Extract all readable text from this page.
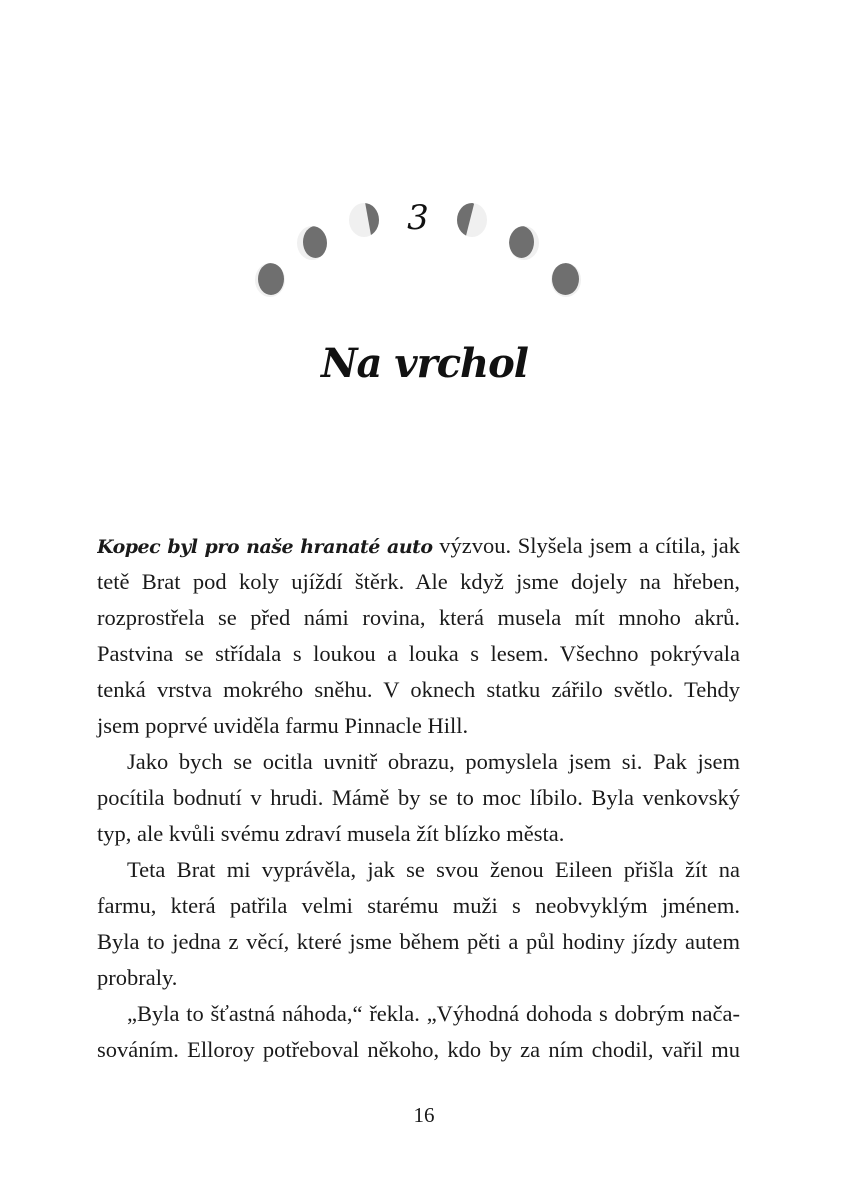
3
Na vrchol
Kopec byl pro naše hranaté auto výzvou. Slyšela jsem a cítila, jak
tetě Brat pod koly ujíždí štěrk. Ale když jsme dojely na hřeben,
rozprostřela se před námi rovina, která musela mít mnoho akrů.
Pastvina se střídala s loukou a louka s lesem. Všechno pokrývala
tenká vrstva mokrého sněhu. V oknech statku zářilo světlo. Tehdy
jsem poprvé uviděla farmu Pinnacle Hill.
Jako bych se ocitla uvnitř obrazu, pomyslela jsem si. Pak jsem
pocítila bodnutí v hrudi. Mámě by se to moc líbilo. Byla venkovský
typ, ale kvůli svému zdraví musela žít blízko města.
Teta Brat mi vyprávěla, jak se svou ženou Eileen přišla žít na
farmu, která patřila velmi starému muži s neobvyklým jménem.
Byla to jedna z věcí, které jsme během pěti a půl hodiny jízdy autem
probraly.
„Byla to šťastná náhoda,“ řekla. „Výhodná dohoda s dobrým nača-
sováním. Elloroy potřeboval někoho, kdo by za ním chodil, vařil mu
16
